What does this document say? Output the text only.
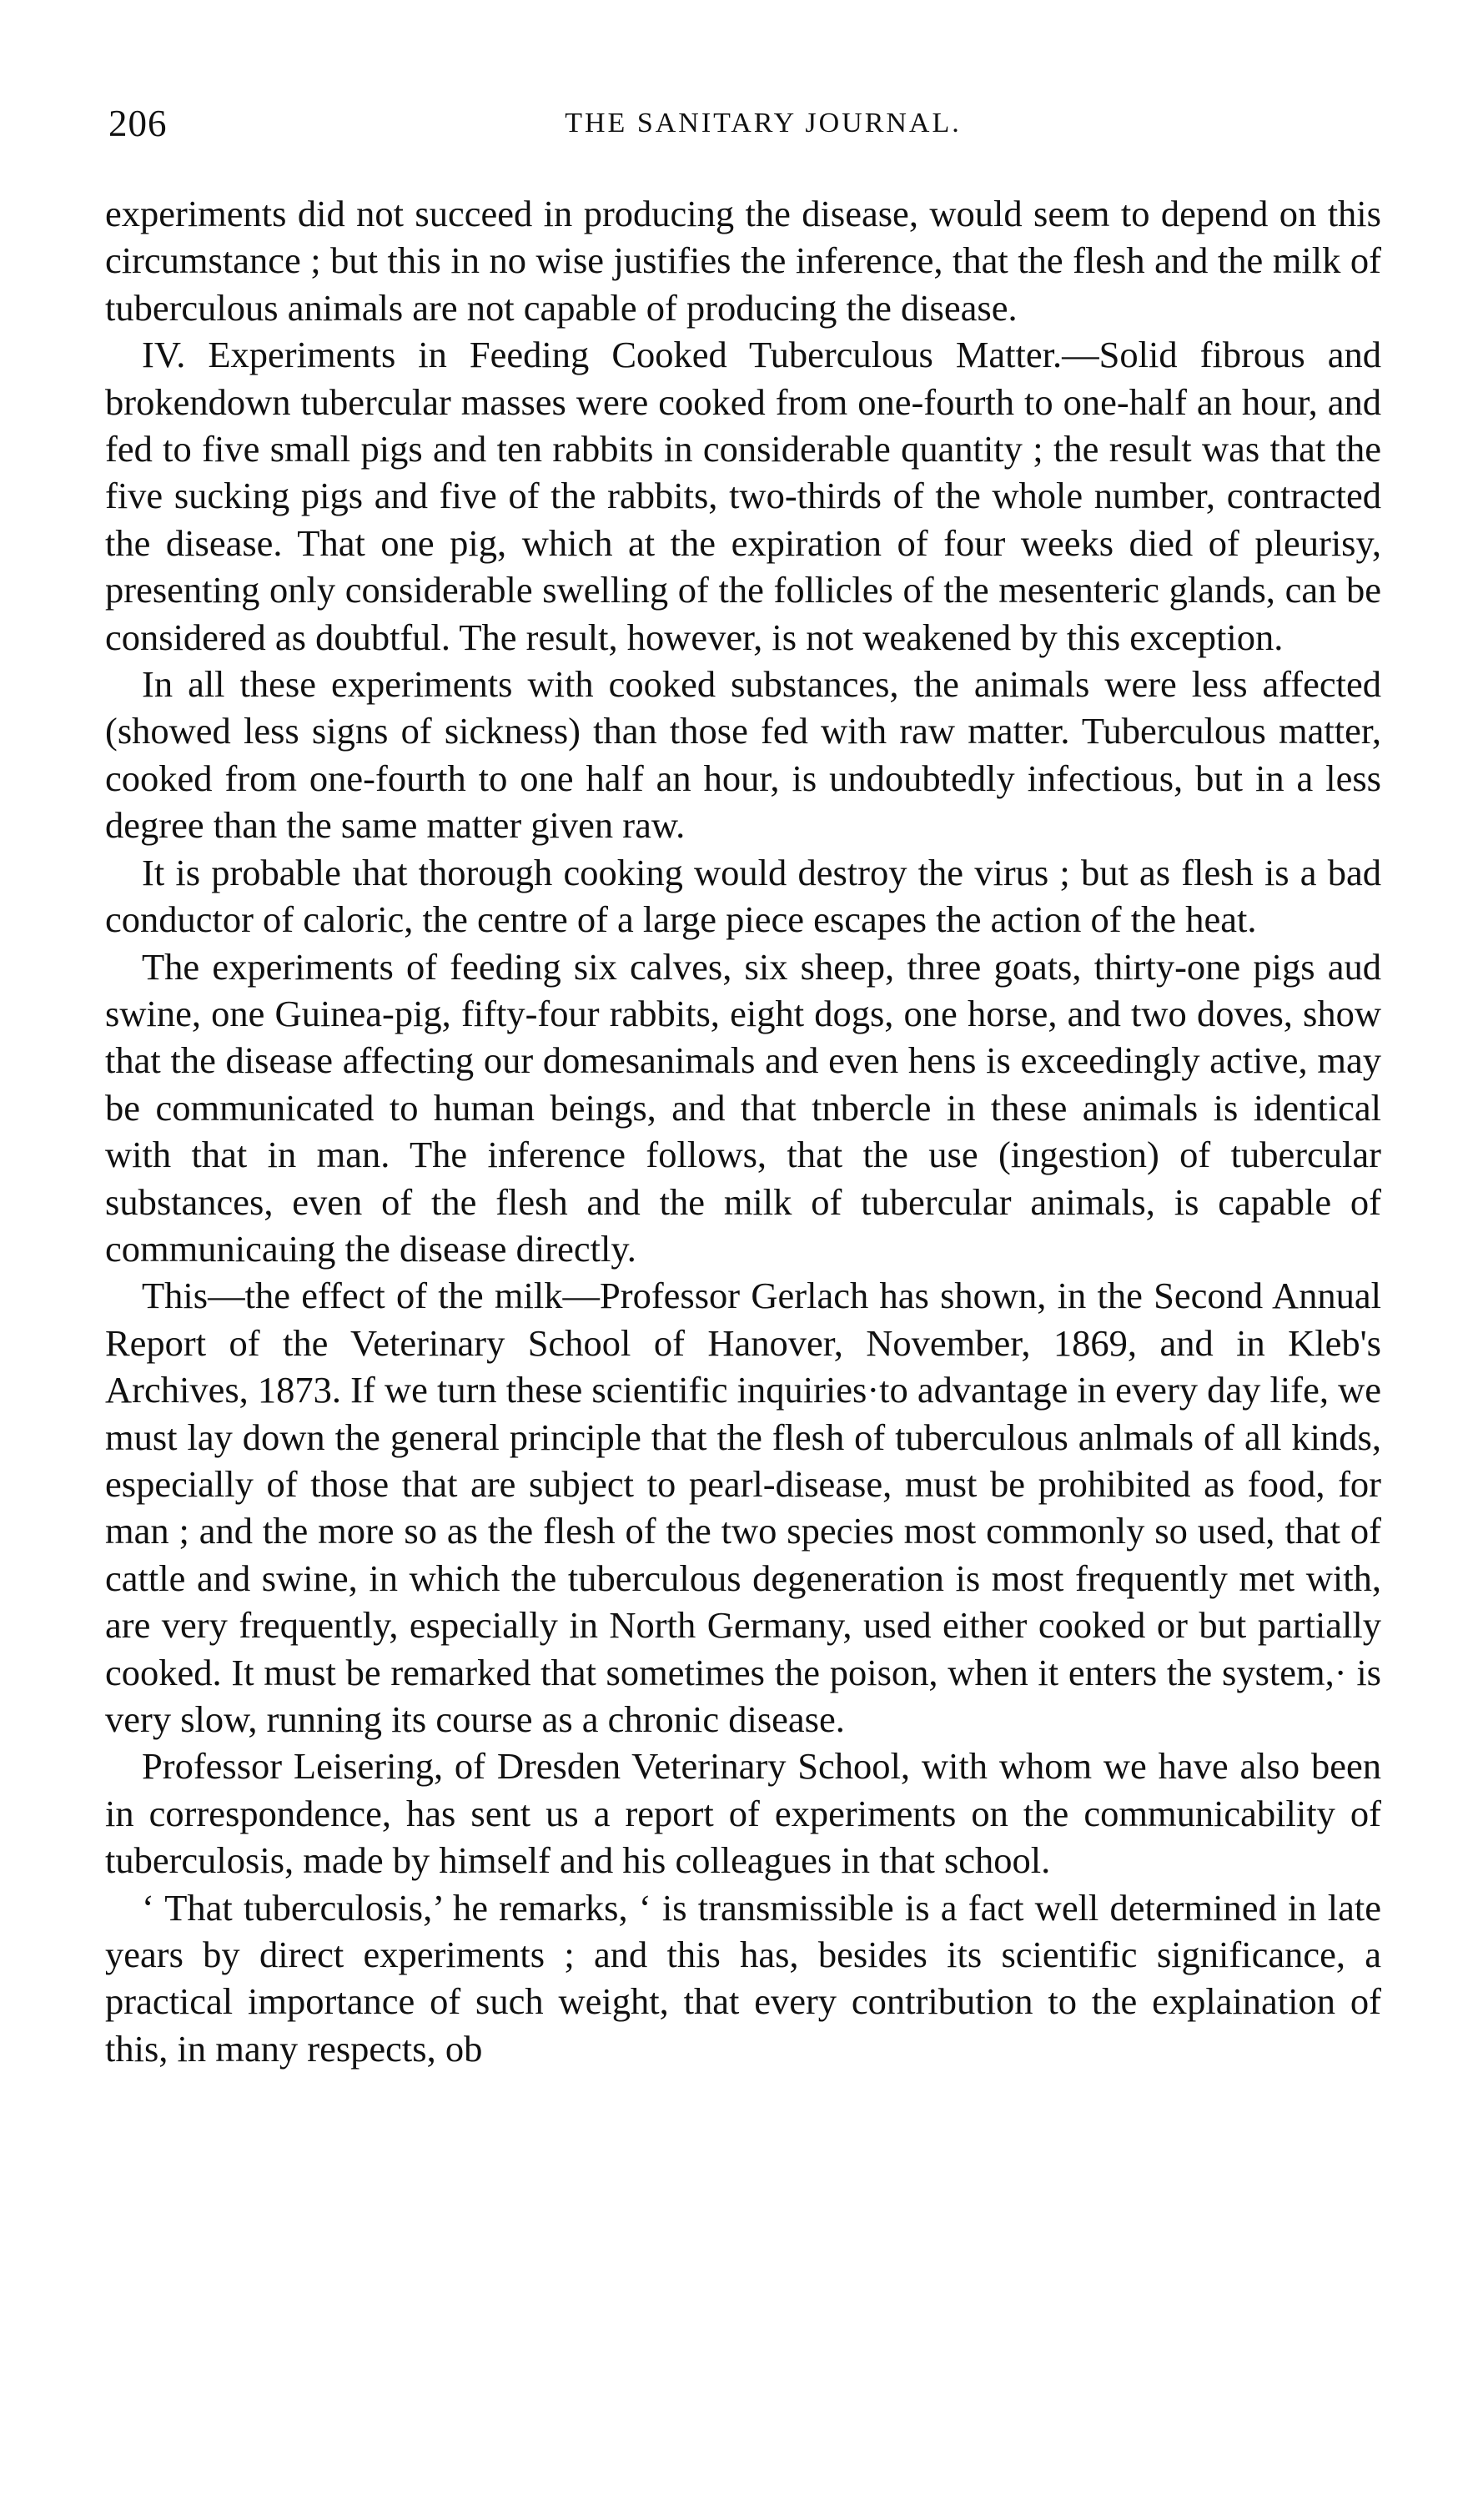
206	THE SANITARY JOURNAL.

experiments did not succeed in producing the disease, would seem to depend on this circumstance ; but this in no wise justifies the inference, that the flesh and the milk of tuberculous animals are not capable of producing the disease.

IV. Experiments in Feeding Cooked Tuberculous Matter.—Solid fibrous and brokendown tubercular masses were cooked from one-fourth to one-half an hour, and fed to five small pigs and ten rabbits in considerable quantity ; the result was that the five sucking pigs and five of the rabbits, two-thirds of the whole number, contracted the disease. That one pig, which at the expiration of four weeks died of pleurisy, presenting only considerable swelling of the follicles of the mesenteric glands, can be considered as doubtful. The result, however, is not weakened by this exception.

In all these experiments with cooked substances, the animals were less affected (showed less signs of sickness) than those fed with raw matter. Tuberculous matter, cooked from one-fourth to one half an hour, is undoubtedly infectious, but in a less degree than the same matter given raw.

It is probable ιhat thorough cooking would destroy the virus ; but as flesh is a bad conductor of caloric, the centre of a large piece escapes the action of the heat.

The experiments of feeding six calves, six sheep, three goats, thirty-one pigs aud swine, one Guinea-pig, fifty-four rabbits, eight dogs, one horse, and two doves, show that the disease affecting our domesanimals and even hens is exceedingly active, may be communicated to human beings, and that tnbercle in these animals is identical with that in man. The inference follows, that the use (ingestion) of tubercular substances, even of the flesh and the milk of tubercular animals, is capable of communicaιing the disease directly.

This—the effect of the milk—Professor Gerlach has shown, in the Second Annual Report of the Veterinary School of Hanover, November, 1869, and in Kleb's Archives, 1873. If we turn these scientific inquiries·to advantage in every day life, we must lay down the general principle that the flesh of tuberculous anlmals of all kinds, especially of those that are subject to pearl-disease, must be prohibited as food, for man ; and the more so as the flesh of the two species most commonly so used, that of cattle and swine, in which the tuberculous degeneration is most frequently met with, are very frequently, especially in North Germany, used either cooked or but partially cooked. It must be remarked that sometimes the poison, when it enters the system,· is very slow, running its course as a chronic disease.

Professor Leisering, of Dresden Veterinary School, with whom we have also been in correspondence, has sent us a report of experiments on the communicability of tuberculosis, made by himself and his colleagues in that school.

‘ That tuberculosis,’ he remarks, ‘ is transmissible is a fact well determined in late years by direct experiments ; and this has, besides its scientific significance, a practical importance of such weight, that every contribution to the explaination of this, in many respects, ob
